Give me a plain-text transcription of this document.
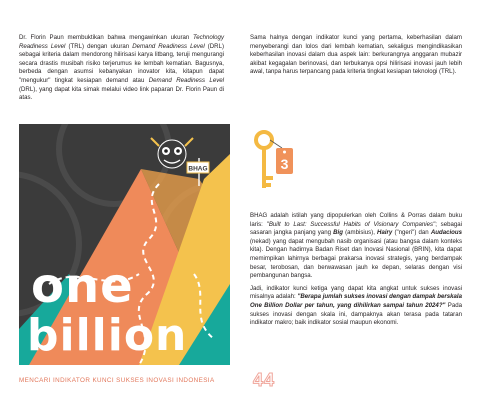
Dr. Florin Paun membuktikan bahwa mengawinkan ukuran Technology Readiness Level (TRL) dengan ukuran Demand Readiness Level (DRL) sebagai kriteria dalam mendorong hilirisasi karya litbang, teruji mengurangi secara drastis musibah risiko terjerumus ke lembah kematian. Bagusnya, berbeda dengan asumsi kebanyakan inovator kita, kitapun dapat "mengukur" tingkat kesiapan demand atau Demand Readiness Level (DRL), yang dapat kita simak melalui video link paparan Dr. Florin Paun di atas.

Sama halnya dengan indikator kunci yang pertama, keberhasilan dalam menyeberangi dan lolos dari lembah kematian, sekaligus mengindikasikan keberhasilan inovasi dalam dua aspek lain: berkurangnya anggaran mubazir akibat kegagalan berinovasi, dan terbukanya opsi hilirisasi inovasi jauh lebih awal, tanpa harus terpancang pada kriteria tingkat kesiapan teknologi (TRL).

BHAG
one
billion
3

BHAG adalah istilah yang dipopulerkan oleh Collins & Porras dalam buku laris: "Built to Last: Successful Habits of Visionary Companies"; sebagai sasaran jangka panjang yang Big (ambisius), Hairy ("ngeri") dan Audacious (nekad) yang dapat mengubah nasib organisasi (atau bangsa dalam konteks kita). Dengan hadirnya Badan Riset dan Inovasi Nasional (BRIN), kita dapat memimpikan lahirnya berbagai prakarsa inovasi strategis, yang berdampak besar, terobosan, dan berwawasan jauh ke depan, selaras dengan visi pembangunan bangsa.

Jadi, indikator kunci ketiga yang dapat kita angkat untuk sukses inovasi misalnya adalah: "Berapa jumlah sukses inovasi dengan dampak berskala One Billion Dollar per tahun, yang dihilirkan sampai tahun 2024?" Pada sukses inovasi dengan skala ini, dampaknya akan terasa pada tataran indikator makro; baik indikator sosial maupun ekonomi.

MENCARI INDIKATOR KUNCI SUKSES INOVASI INDONESIA 44
